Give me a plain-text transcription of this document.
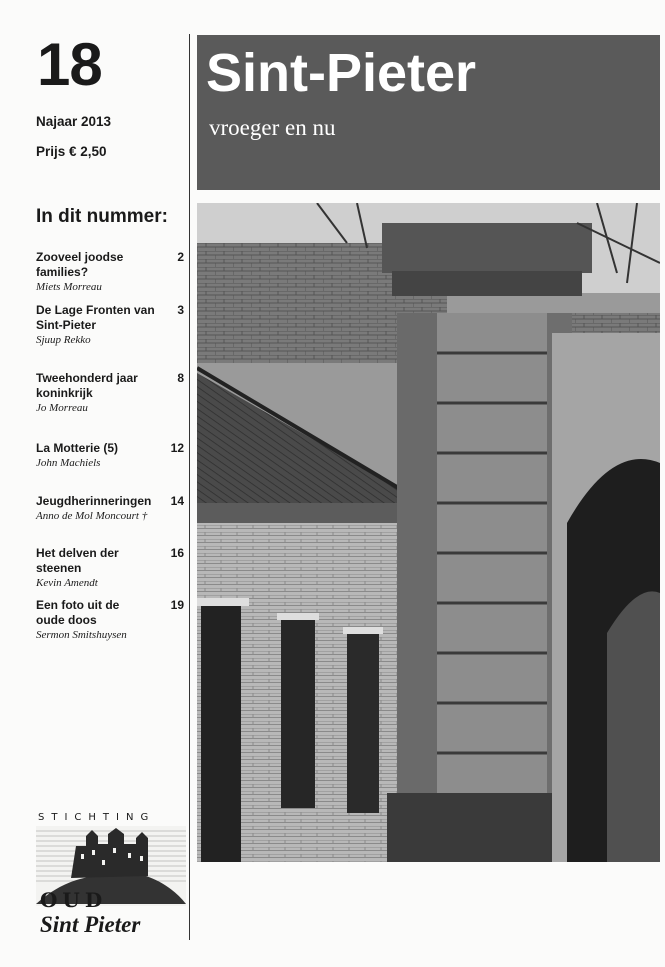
18
Najaar 2013
Prijs € 2,50
In dit nummer:
Zooveel joodse families?
2
Miets Morreau
De Lage Fronten van Sint-Pieter
3
Sjuup Rekko
Tweehonderd jaar koninkrijk
8
Jo Morreau
La Motterie (5)	12
John Machiels
Jeugdherinneringen	14
Anno de Mol Moncourt †
Het delven der steenen
16
Kevin Amendt
Een foto uit de oude doos
19
Sermon Smitshuysen
STICHTING
OUD
Sint Pieter
Sint-Pieter
vroeger en nu
